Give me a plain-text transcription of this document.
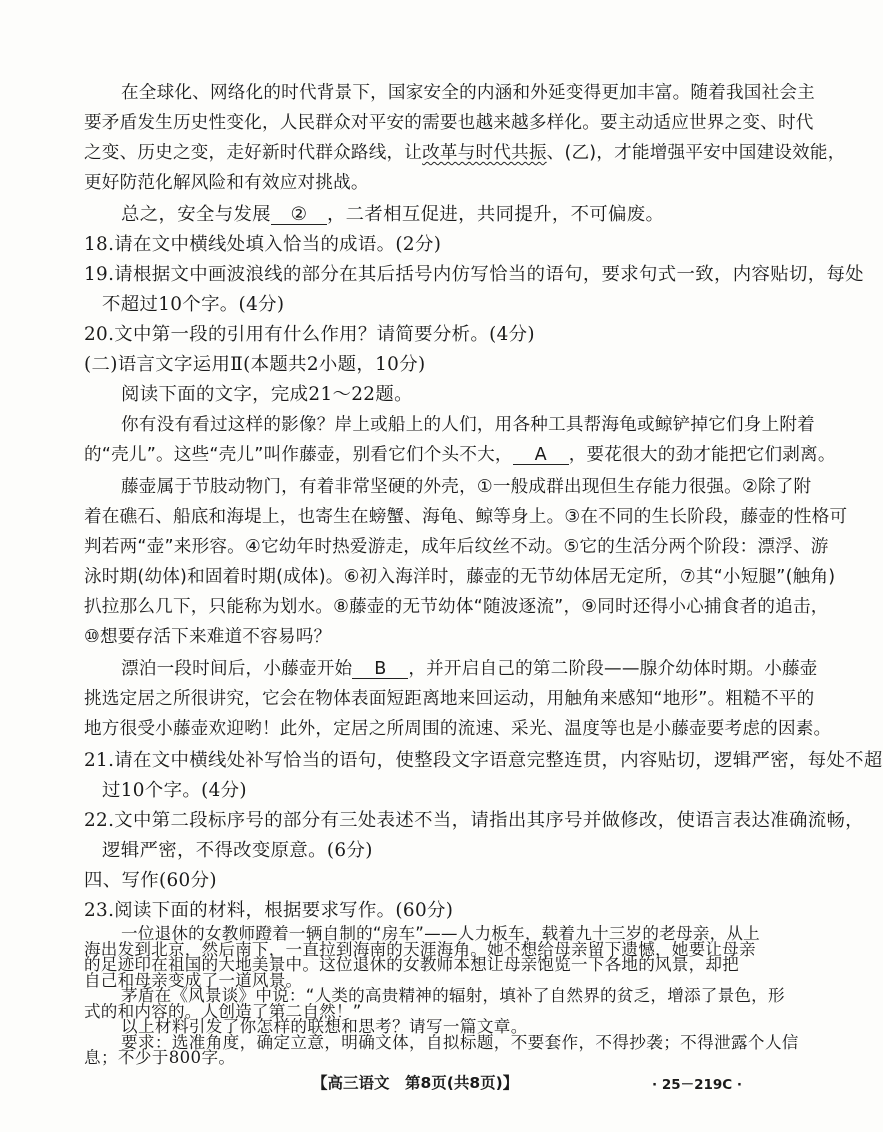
在全球化、网络化的时代背景下，国家安全的内涵和外延变得更加丰富。随着我国社会主
要矛盾发生历史性变化，人民群众对平安的需要也越来越多样化。要主动适应世界之变、时代
之变、历史之变，走好新时代群众路线，让改革与时代共振、(乙)，才能增强平安中国建设效能，
更好防范化解风险和有效应对挑战。
总之，安全与发展 ② ，二者相互促进，共同提升，不可偏废。
18.请在文中横线处填入恰当的成语。(2分)
19.请根据文中画波浪线的部分在其后括号内仿写恰当的语句，要求句式一致，内容贴切，每处
不超过10个字。(4分)
20.文中第一段的引用有什么作用？请简要分析。(4分)
(二)语言文字运用Ⅱ(本题共2小题，10分)
阅读下面的文字，完成21～22题。
你有没有看过这样的影像？岸上或船上的人们，用各种工具帮海龟或鲸铲掉它们身上附着
的“壳儿”。这些“壳儿”叫作藤壶，别看它们个头不大， A ，要花很大的劲才能把它们剥离。
藤壶属于节肢动物门，有着非常坚硬的外壳，①一般成群出现但生存能力很强。②除了附
着在礁石、船底和海堤上，也寄生在螃蟹、海龟、鲸等身上。③在不同的生长阶段，藤壶的性格可
判若两“壶”来形容。④它幼年时热爱游走，成年后纹丝不动。⑤它的生活分两个阶段：漂浮、游
泳时期(幼体)和固着时期(成体)。⑥初入海洋时，藤壶的无节幼体居无定所，⑦其“小短腿”(触角)
扒拉那么几下，只能称为划水。⑧藤壶的无节幼体“随波逐流”，⑨同时还得小心捕食者的追击，
⑩想要存活下来难道不容易吗？
漂泊一段时间后，小藤壶开始 B ，并开启自己的第二阶段——腺介幼体时期。小藤壶
挑选定居之所很讲究，它会在物体表面短距离地来回运动，用触角来感知“地形”。粗糙不平的
地方很受小藤壶欢迎哟！此外，定居之所周围的流速、采光、温度等也是小藤壶要考虑的因素。
21.请在文中横线处补写恰当的语句，使整段文字语意完整连贯，内容贴切，逻辑严密，每处不超
过10个字。(4分)
22.文中第二段标序号的部分有三处表述不当，请指出其序号并做修改，使语言表达准确流畅，
逻辑严密，不得改变原意。(6分)
四、写作(60分)
23.阅读下面的材料，根据要求写作。(60分)
【高三语文　第8页(共8页)】	· 25－219C ·
一位退休的女教师蹬着一辆自制的“房车”——人力板车，载着九十三岁的老母亲，从上
海出发到北京，然后南下，一直拉到海南的天涯海角。她不想给母亲留下遗憾，她要让母亲
的足迹印在祖国的大地美景中。这位退休的女教师本想让母亲饱览一下各地的风景，却把
自己和母亲变成了一道风景。
茅盾在《风景谈》中说：“人类的高贵精神的辐射，填补了自然界的贫乏，增添了景色，形
式的和内容的。人创造了第二自然！”
以上材料引发了你怎样的联想和思考？请写一篇文章。
要求：选准角度，确定立意，明确文体，自拟标题，不要套作，不得抄袭；不得泄露个人信
息；不少于800字。
